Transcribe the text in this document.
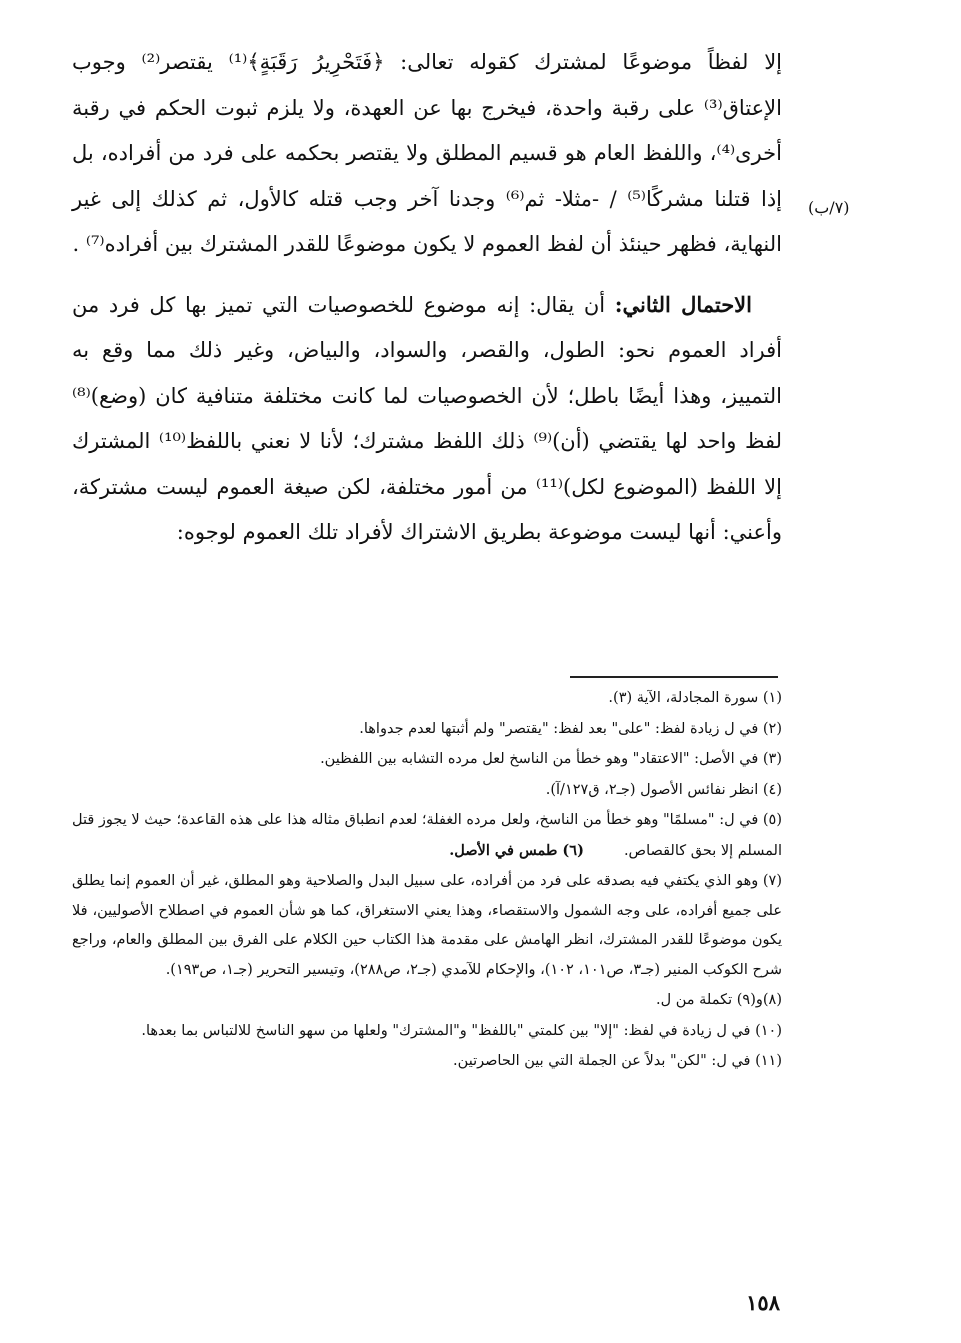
(٧/ب)

إلا لفظاً موضوعًا لمشترك كقوله تعالى: ﴿فَتَحْرِيرُ رَقَبَةٍ﴾⁽¹⁾ يقتصر⁽²⁾ وجوب الإعتاق⁽³⁾ على رقبة واحدة، فيخرج بها عن العهدة، ولا يلزم ثبوت الحكم في رقبة أخرى⁽⁴⁾، واللفظ العام هو قسيم المطلق ولا يقتصر بحكمه على فرد من أفراده، بل إذا قتلنا مشركًا⁽⁵⁾ / -مثلا- ثم⁽⁶⁾ وجدنا آخر وجب قتله كالأول، ثم كذلك إلى غير النهاية، فظهر حينئذ أن لفظ العموم لا يكون موضوعًا للقدر المشترك بين أفراده⁽⁷⁾ .

الاحتمال الثاني: أن يقال: إنه موضوع للخصوصيات التي تميز بها كل فرد من أفراد العموم نحو: الطول، والقصر، والسواد، والبياض، وغير ذلك مما وقع به التمييز، وهذا أيضًا باطل؛ لأن الخصوصيات لما كانت مختلفة متنافية كان (وضع)⁽⁸⁾ لفظ واحد لها يقتضي (أن)⁽⁹⁾ ذلك اللفظ مشترك؛ لأنا لا نعني باللفظ⁽¹⁰⁾ المشترك إلا اللفظ (الموضوع لكل)⁽¹¹⁾ من أمور مختلفة، لكن صيغة العموم ليست مشتركة، وأعني: أنها ليست موضوعة بطريق الاشتراك لأفراد تلك العموم لوجوه:

(١) سورة المجادلة، الآية (٣).

(٢) في ل زيادة لفظ: "على" بعد لفظ: "يقتصر" ولم أثبتها لعدم جدواها.

(٣) في الأصل: "الاعتقاد" وهو خطأ من الناسخ لعل مرده التشابه بين اللفظين.

(٤) انظر نفائس الأصول (جـ٢، ق١٢٧/آ).

(٥) في ل: "مسلمًا" وهو خطأ من الناسخ، ولعل مرده الغفلة؛ لعدم انطباق مثاله هذا على هذه القاعدة؛ حيث لا يجوز قتل المسلم إلا بحق كالقصاص.(٦) طمس في الأصل.

(٧) وهو الذي يكتفي فيه بصدقه على فرد من أفراده، على سبيل البدل والصلاحية وهو المطلق، غير أن العموم إنما يطلق على جميع أفراده، على وجه الشمول والاستقصاء، وهذا يعني الاستغراق، كما هو شأن العموم في اصطلاح الأصوليين، فلا يكون موضوعًا للقدر المشترك، انظر الهامش على مقدمة هذا الكتاب حين الكلام على الفرق بين المطلق والعام، وراجع شرح الكوكب المنير (جـ٣، ص١٠١، ١٠٢)، والإحكام للآمدي (جـ٢، ص٢٨٨)، وتيسير التحرير (جـ١، ص١٩٣).

(٨)و(٩) تكملة من ل.

(١٠) في ل زيادة في لفظ: "إلا" بين كلمتي "باللفظ" و"المشترك" ولعلها من سهو الناسخ للالتباس بما بعدها.

(١١) في ل: "لكن" بدلاً عن الجملة التي بين الحاصرتين.

١٥٨
